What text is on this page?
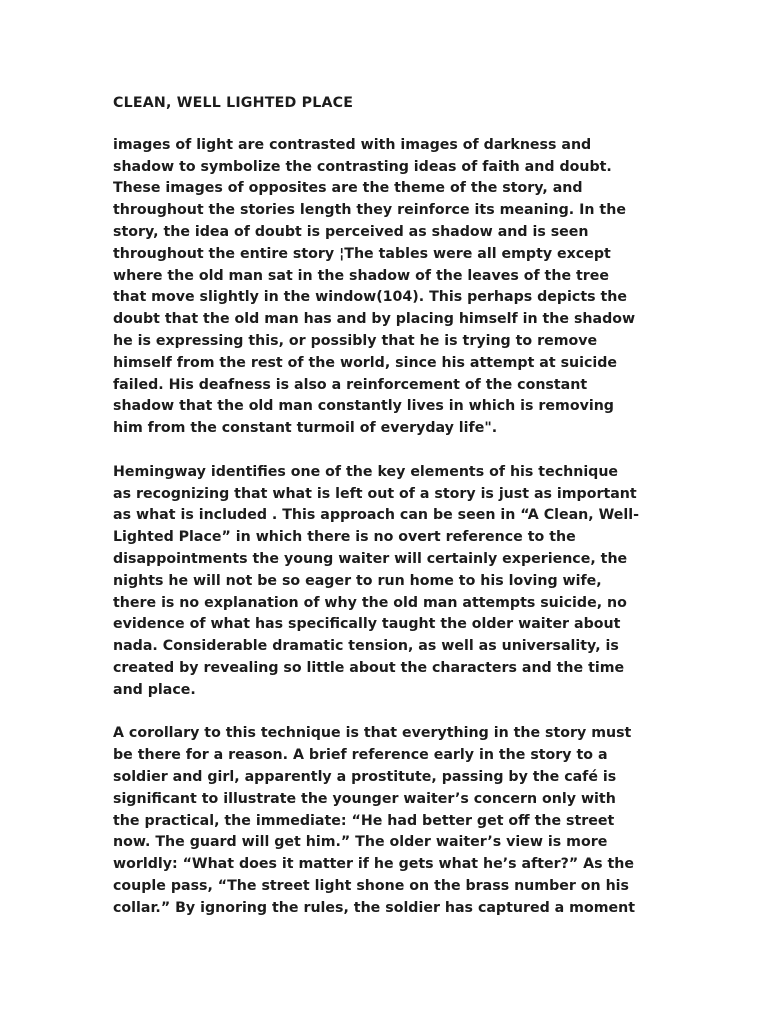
CLEAN, WELL LIGHTED PLACE
images of light are contrasted with images of darkness and
shadow to symbolize the contrasting ideas of faith and doubt.
These images of opposites are the theme of the story, and
throughout the stories length they reinforce its meaning. In the
story, the idea of doubt is perceived as shadow and is seen
throughout the entire story ¦The tables were all empty except
where the old man sat in the shadow of the leaves of the tree
that move slightly in the window(104). This perhaps depicts the
doubt that the old man has and by placing himself in the shadow
he is expressing this, or possibly that he is trying to remove
himself from the rest of the world, since his attempt at suicide
failed. His deafness is also a reinforcement of the constant
shadow that the old man constantly lives in which is removing
him from the constant turmoil of everyday life".
Hemingway identifies one of the key elements of his technique
as recognizing that what is left out of a story is just as important
as what is included . This approach can be seen in “A Clean, Well-
Lighted Place” in which there is no overt reference to the
disappointments the young waiter will certainly experience, the
nights he will not be so eager to run home to his loving wife,
there is no explanation of why the old man attempts suicide, no
evidence of what has specifically taught the older waiter about
nada. Considerable dramatic tension, as well as universality, is
created by revealing so little about the characters and the time
and place.
A corollary to this technique is that everything in the story must
be there for a reason. A brief reference early in the story to a
soldier and girl, apparently a prostitute, passing by the café is
significant to illustrate the younger waiter’s concern only with
the practical, the immediate: “He had better get off the street
now. The guard will get him.” The older waiter’s view is more
worldly: “What does it matter if he gets what he’s after?” As the
couple pass, “The street light shone on the brass number on his
collar.” By ignoring the rules, the soldier has captured a moment
